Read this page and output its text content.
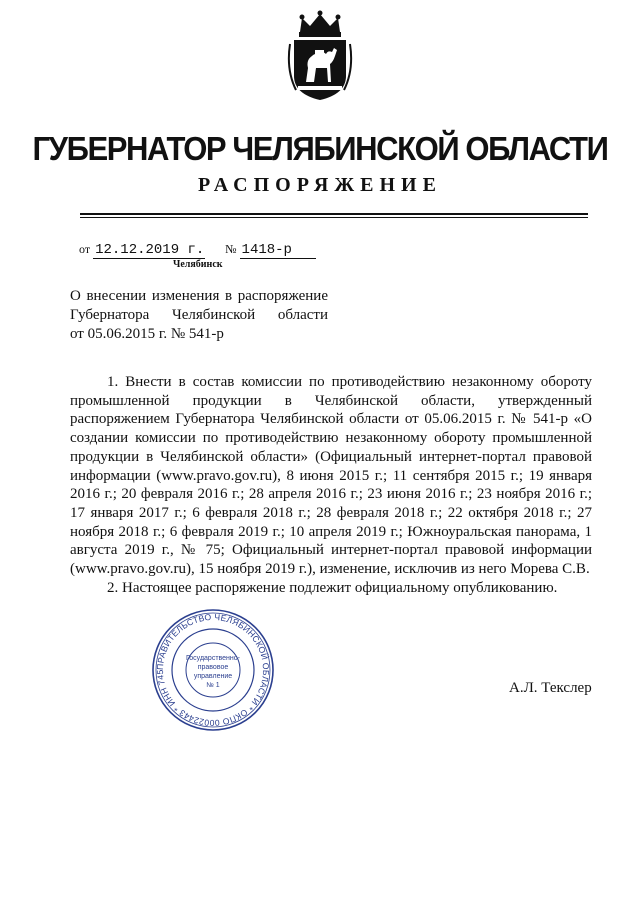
ГУБЕРНАТОР ЧЕЛЯБИНСКОЙ ОБЛАСТИ
РАСПОРЯЖЕНИЕ
от 12.12.2019 г. № 1418-р
Челябинск
О внесении изменения в распоряжение
Губернатора Челябинской области
от 05.06.2015 г. № 541-р

1. Внести в состав комиссии по противодействию незаконному обороту промышленной продукции в Челябинской области, утвержденный распоряжением Губернатора Челябинской области от 05.06.2015 г. № 541-р «О создании комиссии по противодействию незаконному обороту промышленной продукции в Челябинской области» (Официальный интернет-портал правовой информации (www.pravo.gov.ru), 8 июня 2015 г.; 11 сентября 2015 г.; 19 января 2016 г.; 20 февраля 2016 г.; 28 апреля 2016 г.; 23 июня 2016 г.; 23 ноября 2016 г.; 17 января 2017 г.; 6 февраля 2018 г.; 28 февраля 2018 г.; 22 октября 2018 г.; 27 ноября 2018 г.; 6 февраля 2019 г.; 10 апреля 2019 г.; Южноуральская панорама, 1 августа 2019 г., № 75; Официальный интернет-портал правовой информации (www.pravo.gov.ru), 15 ноября 2019 г.), изменение, исключив из него Морева С.В.

2. Настоящее распоряжение подлежит официальному опубликованию.

ПРАВИТЕЛЬСТВО ЧЕЛЯБИНСКОЙ ОБЛАСТИ * ОКПО 00022443 * ИНН 745
Государственно-
правовое
управление
№ 1	А.Л. Текслер
